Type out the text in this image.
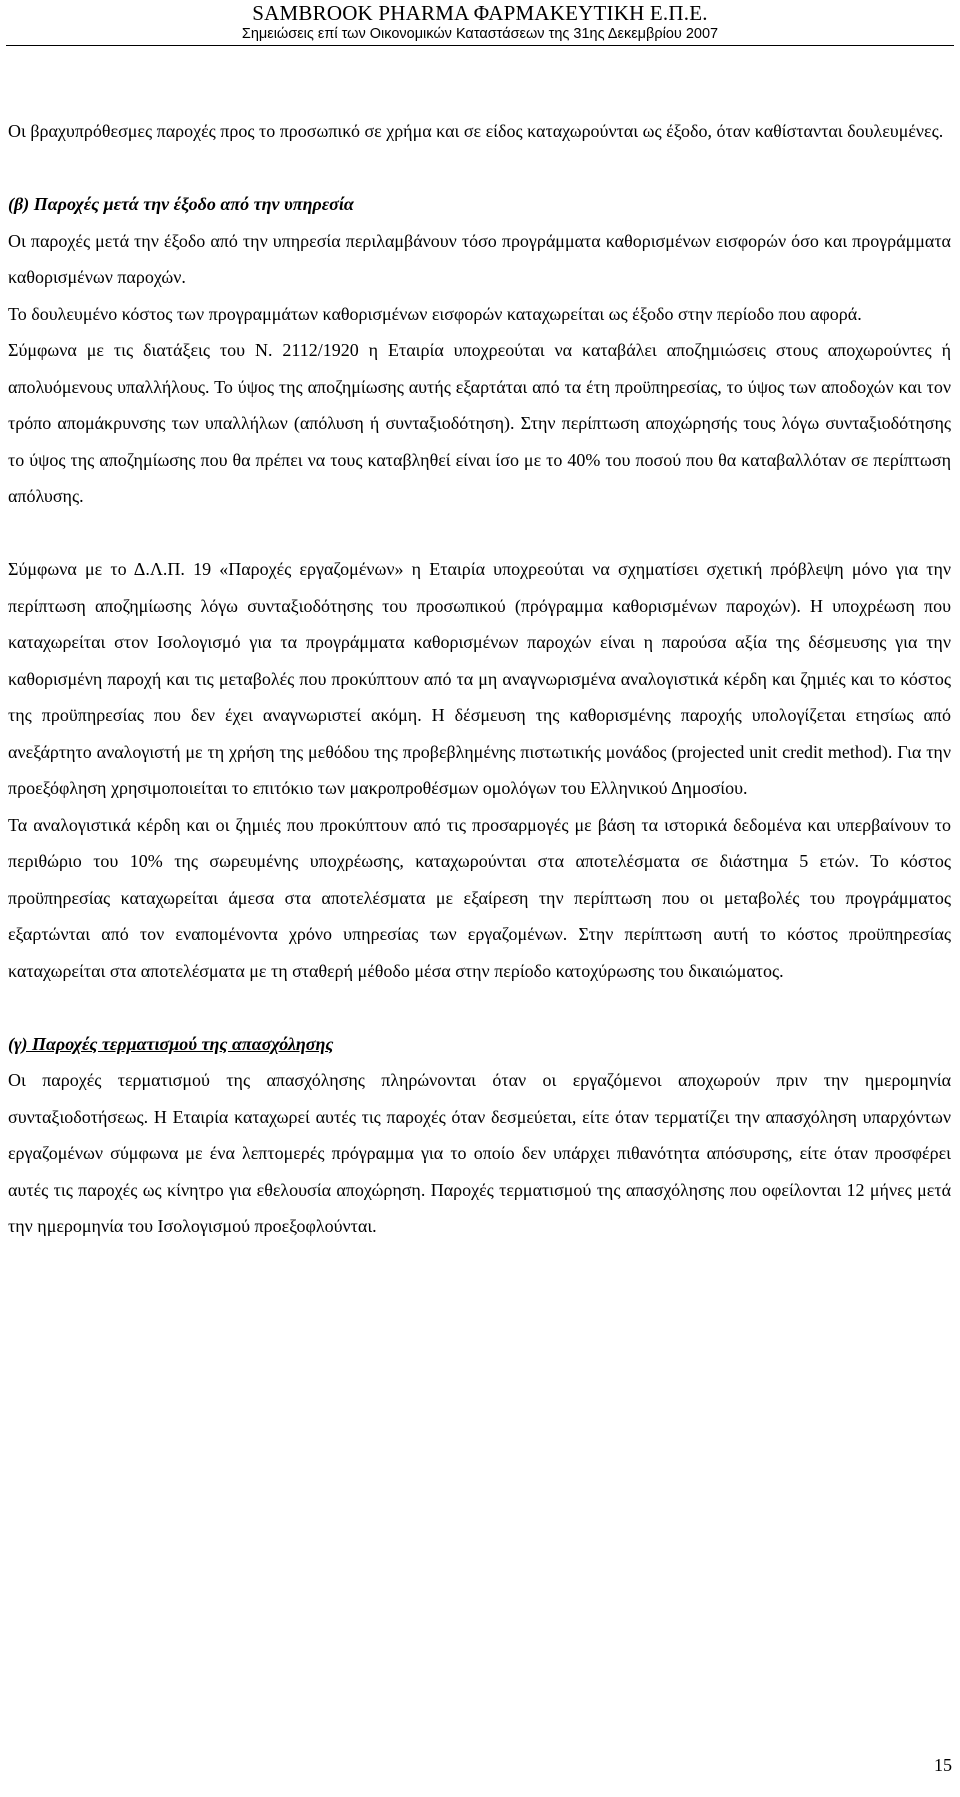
SAMBROOK PHARMA ΦΑΡΜΑΚΕΥΤΙΚΗ Ε.Π.Ε.
Σημειώσεις επί των Οικονομικών Καταστάσεων της 31ης Δεκεμβρίου 2007

Οι βραχυπρόθεσμες παροχές προς το προσωπικό σε χρήμα και σε είδος καταχωρούνται ως έξοδο, όταν καθίστανται δουλευμένες.

(β) Παροχές μετά την έξοδο από την υπηρεσία

Οι παροχές μετά την έξοδο από την υπηρεσία περιλαμβάνουν τόσο προγράμματα καθορισμένων εισφορών όσο και προγράμματα καθορισμένων παροχών.

Το δουλευμένο κόστος των προγραμμάτων καθορισμένων εισφορών καταχωρείται ως έξοδο στην περίοδο που αφορά.

Σύμφωνα με τις διατάξεις του Ν. 2112/1920 η Εταιρία υποχρεούται να καταβάλει αποζημιώσεις στους αποχωρούντες ή απολυόμενους υπαλλήλους. Το ύψος της αποζημίωσης αυτής εξαρτάται από τα έτη προϋπηρεσίας, το ύψος των αποδοχών και τον τρόπο απομάκρυνσης των υπαλλήλων (απόλυση ή συνταξιοδότηση). Στην περίπτωση αποχώρησής τους λόγω συνταξιοδότησης το ύψος της αποζημίωσης που θα πρέπει να τους καταβληθεί είναι ίσο με το 40% του ποσού που θα καταβαλλόταν σε περίπτωση απόλυσης.

Σύμφωνα με το Δ.Λ.Π. 19 «Παροχές εργαζομένων» η Εταιρία υποχρεούται να σχηματίσει σχετική πρόβλεψη μόνο για την περίπτωση αποζημίωσης λόγω συνταξιοδότησης του προσωπικού (πρόγραμμα καθορισμένων παροχών). Η υποχρέωση που καταχωρείται στον Ισολογισμό για τα προγράμματα καθορισμένων παροχών είναι η παρούσα αξία της δέσμευσης για την καθορισμένη παροχή και τις μεταβολές που προκύπτουν από τα μη αναγνωρισμένα αναλογιστικά κέρδη και ζημιές και το κόστος της προϋπηρεσίας που δεν έχει αναγνωριστεί ακόμη. Η δέσμευση της καθορισμένης παροχής υπολογίζεται ετησίως από ανεξάρτητο αναλογιστή με τη χρήση της μεθόδου της προβεβλημένης πιστωτικής μονάδος (projected unit credit method). Για την προεξόφληση χρησιμοποιείται το επιτόκιο των μακροπροθέσμων ομολόγων του Ελληνικού Δημοσίου.

Τα αναλογιστικά κέρδη και οι ζημιές που προκύπτουν από τις προσαρμογές με βάση τα ιστορικά δεδομένα και υπερβαίνουν το περιθώριο του 10% της σωρευμένης υποχρέωσης, καταχωρούνται στα αποτελέσματα σε διάστημα 5 ετών. Το κόστος προϋπηρεσίας καταχωρείται άμεσα στα αποτελέσματα με εξαίρεση την περίπτωση που οι μεταβολές του προγράμματος εξαρτώνται από τον εναπομένοντα χρόνο υπηρεσίας των εργαζομένων. Στην περίπτωση αυτή το κόστος προϋπηρεσίας καταχωρείται στα αποτελέσματα με τη σταθερή μέθοδο μέσα στην περίοδο κατοχύρωσης του δικαιώματος.

(γ) Παροχές τερματισμού της απασχόλησης

Οι παροχές τερματισμού της απασχόλησης πληρώνονται όταν οι εργαζόμενοι αποχωρούν πριν την ημερομηνία συνταξιοδοτήσεως. Η Εταιρία καταχωρεί αυτές τις παροχές όταν δεσμεύεται, είτε όταν τερματίζει την απασχόληση υπαρχόντων εργαζομένων σύμφωνα με ένα λεπτομερές πρόγραμμα για το οποίο δεν υπάρχει πιθανότητα απόσυρσης, είτε όταν προσφέρει αυτές τις παροχές ως κίνητρο για εθελουσία αποχώρηση. Παροχές τερματισμού της απασχόλησης που οφείλονται 12 μήνες μετά την ημερομηνία του Ισολογισμού προεξοφλούνται.

15
